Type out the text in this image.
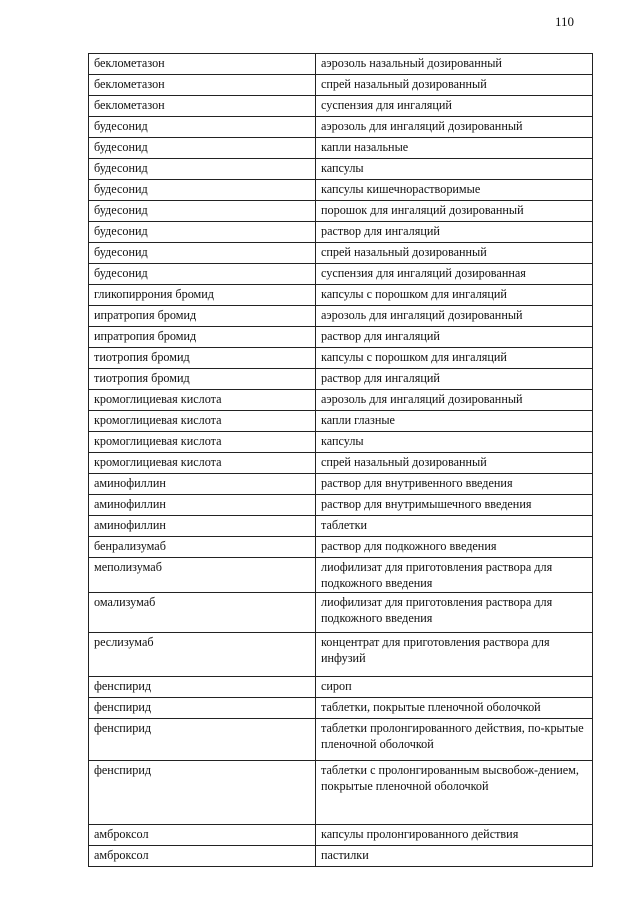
110
беклометазон	аэрозоль назальный дозированный
беклометазон	спрей назальный дозированный
беклометазон	суспензия для ингаляций
будесонид	аэрозоль для ингаляций дозированный
будесонид	капли назальные
будесонид	капсулы
будесонид	капсулы кишечнорастворимые
будесонид	порошок для ингаляций дозированный
будесонид	раствор для ингаляций
будесонид	спрей назальный дозированный
будесонид	суспензия для ингаляций дозированная
гликопиррония бромид	капсулы с порошком для ингаляций
ипратропия бромид	аэрозоль для ингаляций дозированный
ипратропия бромид	раствор для ингаляций
тиотропия бромид	капсулы с порошком для ингаляций
тиотропия бромид	раствор для ингаляций
кромоглициевая кислота	аэрозоль для ингаляций дозированный
кромоглициевая кислота	капли глазные
кромоглициевая кислота	капсулы
кромоглициевая кислота	спрей назальный дозированный
аминофиллин	раствор для внутривенного введения
аминофиллин	раствор для внутримышечного введения
аминофиллин	таблетки
бенрализумаб	раствор для подкожного введения
меполизумаб	лиофилизат для приготовления раствора для подкожного введения
омализумаб	лиофилизат для приготовления раствора для подкожного введения
реслизумаб	концентрат для приготовления раствора для инфузий
фенспирид	сироп
фенспирид	таблетки, покрытые пленочной оболочкой
фенспирид	таблетки пролонгированного действия, по-крытые пленочной оболочкой
фенспирид	таблетки с пролонгированным высвобож-дением, покрытые пленочной оболочкой
амброксол	капсулы пролонгированного действия
амброксол	пастилки
